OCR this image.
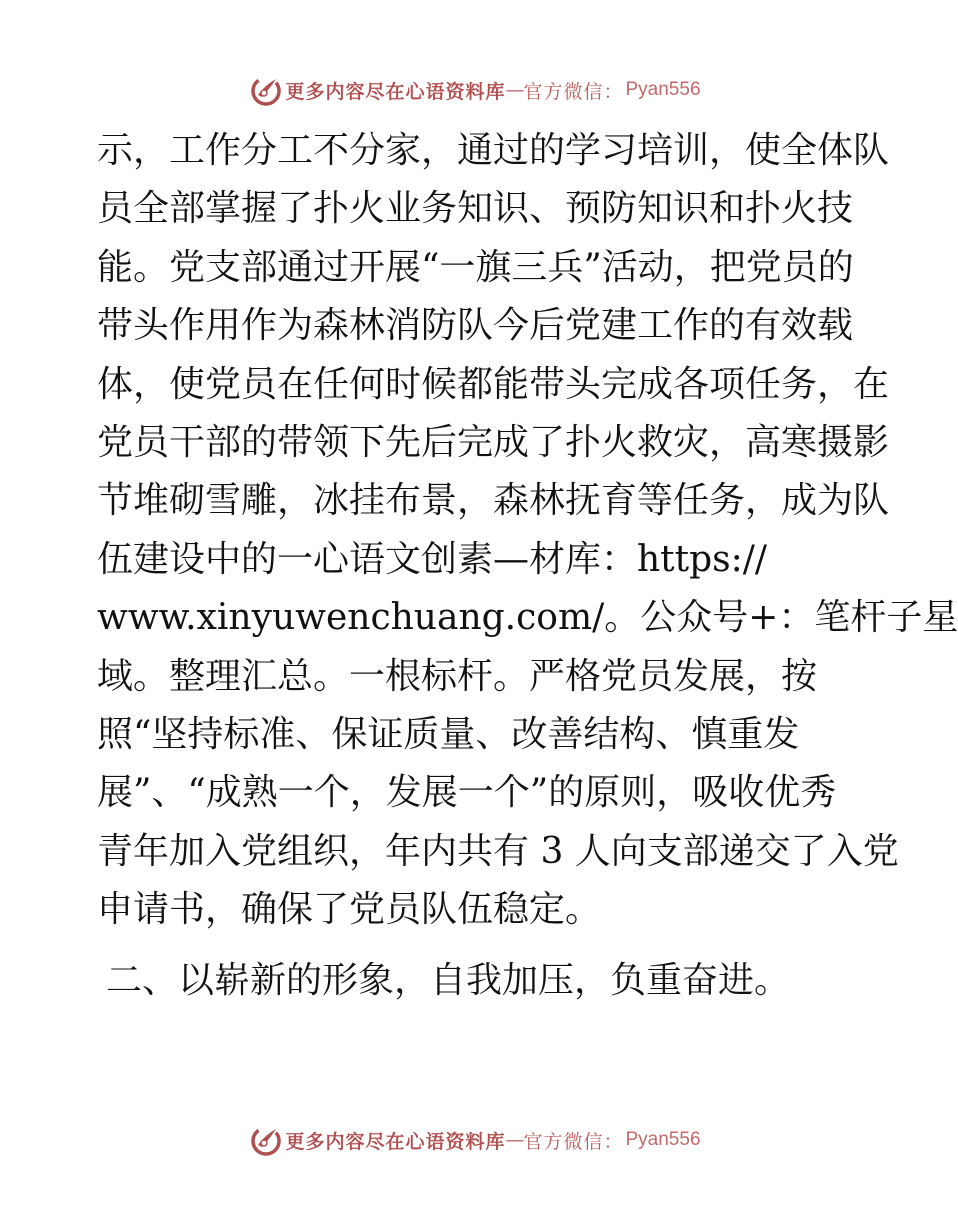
更多内容尽在心语资料库 — 官方微信： Pyan556
示，工作分工不分家，通过的学习培训，使全体队
员全部掌握了扑火业务知识、预防知识和扑火技
能。党支部通过开展“一旗三兵”活动，把党员的
带头作用作为森林消防队今后党建工作的有效载
体，使党员在任何时候都能带头完成各项任务，在
党员干部的带领下先后完成了扑火救灾，高寒摄影
节堆砌雪雕，冰挂布景，森林抚育等任务，成为队
伍建设中的一心语文创素—材库：https://
www.xinyuwenchuang.com/。公众号+：笔杆子星
域。整理汇总。一根标杆。严格党员发展，按
照“坚持标准、保证质量、改善结构、慎重发
展”、“成熟一个，发展一个”的原则，吸收优秀
青年加入党组织，年内共有 3 人向支部递交了入党
申请书，确保了党员队伍稳定。
二、以崭新的形象，自我加压，负重奋进。
更多内容尽在心语资料库 — 官方微信： Pyan556
